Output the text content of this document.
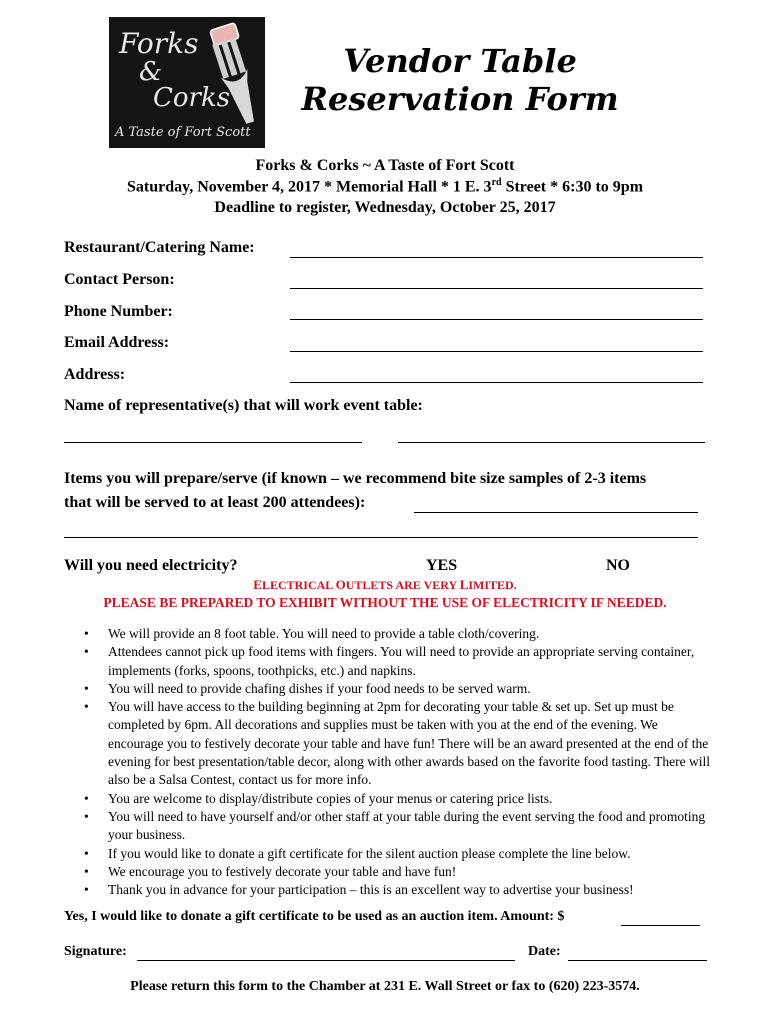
Forks
&
Corks
A Taste of Fort Scott
Vendor Table
Reservation Form
Forks & Corks ~ A Taste of Fort Scott
Saturday, November 4, 2017 * Memorial Hall * 1 E. 3rd Street * 6:30 to 9pm
Deadline to register, Wednesday, October 25, 2017
Restaurant/Catering Name:
Contact Person:
Phone Number:
Email Address:
Address:
Name of representative(s) that will work event table:
Items you will prepare/serve (if known – we recommend bite size samples of 2-3 items
that will be served to at least 200 attendees):
Will you need electricity?	YES	NO
ELECTRICAL OUTLETS ARE VERY LIMITED.
PLEASE BE PREPARED TO EXHIBIT WITHOUT THE USE OF ELECTRICITY IF NEEDED.
• We will provide an 8 foot table. You will need to provide a table cloth/covering.
• Attendees cannot pick up food items with fingers. You will need to provide an appropriate serving container, implements (forks, spoons, toothpicks, etc.) and napkins.
• You will need to provide chafing dishes if your food needs to be served warm.
• You will have access to the building beginning at 2pm for decorating your table & set up. Set up must be completed by 6pm. All decorations and supplies must be taken with you at the end of the evening. We encourage you to festively decorate your table and have fun! There will be an award presented at the end of the evening for best presentation/table decor, along with other awards based on the favorite food tasting. There will also be a Salsa Contest, contact us for more info.
• You are welcome to display/distribute copies of your menus or catering price lists.
• You will need to have yourself and/or other staff at your table during the event serving the food and promoting your business.
• If you would like to donate a gift certificate for the silent auction please complete the line below.
• We encourage you to festively decorate your table and have fun!
• Thank you in advance for your participation – this is an excellent way to advertise your business!
Yes, I would like to donate a gift certificate to be used as an auction item. Amount: $
Signature:	Date:
Please return this form to the Chamber at 231 E. Wall Street or fax to (620) 223-3574.
